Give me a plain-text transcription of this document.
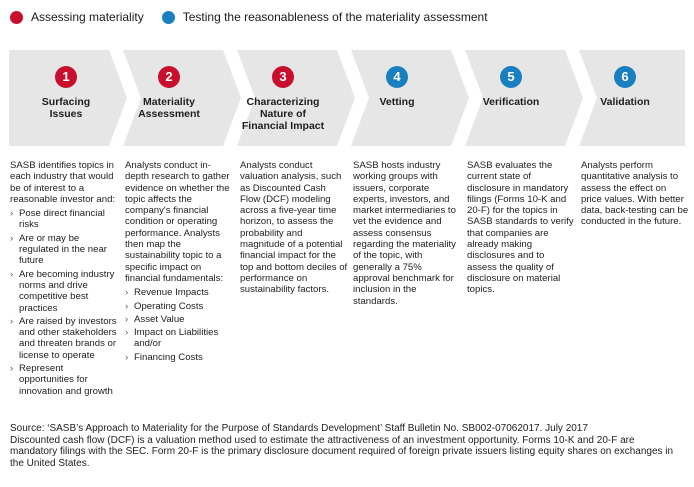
Assessing materiality	Testing the reasonableness of the materiality assessment
1
Surfacing
Issues
2
Materiality
Assessment
3
Characterizing
Nature of
Financial Impact
4
Vetting
5
Verification
6
Validation

SASB identifies topics in each industry that would be of interest to a reasonable investor and:

› Pose direct financial risks
› Are or may be regulated in the near future
› Are becoming industry norms and drive competitive best practices
› Are raised by investors and other stakeholders and threaten brands or license to operate
› Represent opportunities for innovation and growth

Analysts conduct in-depth research to gather evidence on whether the topic affects the company's financial condition or operating performance. Analysts then map the sustainability topic to a specific impact on financial fundamentals:

› Revenue Impacts
› Operating Costs
› Asset Value
› Impact on Liabilities and/or
› Financing Costs

Analysts conduct valuation analysis, such as Discounted Cash Flow (DCF) modeling across a five-year time horizon, to assess the probability and magnitude of a potential financial impact for the top and bottom deciles of performance on sustainability factors.

SASB hosts industry working groups with issuers, corporate experts, investors, and market intermediaries to vet the evidence and assess consensus regarding the materiality of the topic, with generally a 75% approval benchmark for inclusion in the standards.

SASB evaluates the current state of disclosure in mandatory filings (Forms 10-K and 20-F) for the topics in SASB standards to verify that companies are already making disclosures and to assess the quality of disclosure on material topics.

Analysts perform quantitative analysis to assess the effect on price values. With better data, back-testing can be conducted in the future.

Source: ‘SASB’s Approach to Materiality for the Purpose of Standards Development’ Staff Bulletin No. SB002-07062017. July 2017

Discounted cash flow (DCF) is a valuation method used to estimate the attractiveness of an investment opportunity. Forms 10-K and 20-F are mandatory filings with the SEC. Form 20-F is the primary disclosure document required of foreign private issuers listing equity shares on exchanges in the United States.
